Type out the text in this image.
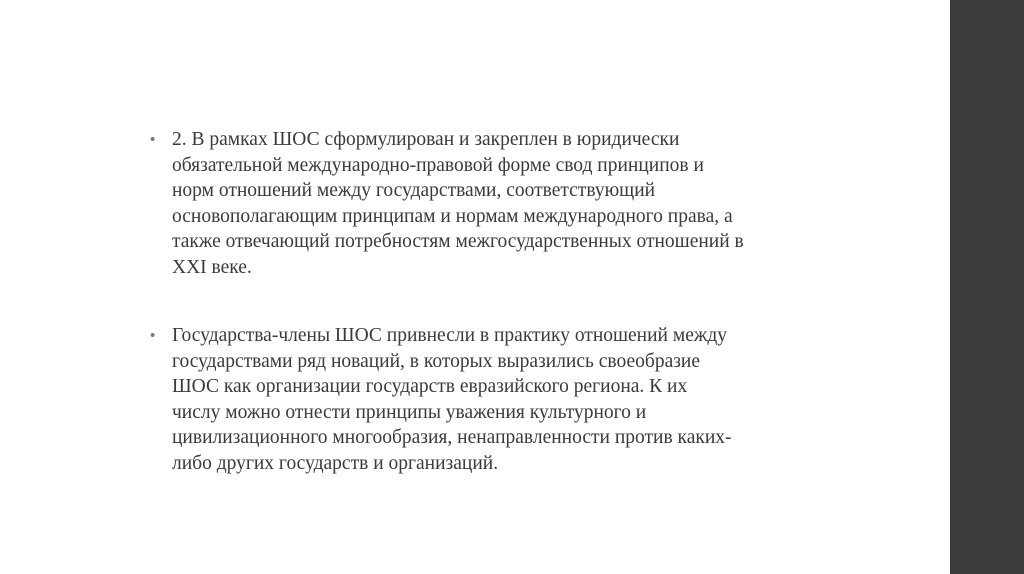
• 2. В рамках ШОС сформулирован и закреплен в юридически
обязательной международно-правовой форме свод принципов и
норм отношений между государствами, соответствующий
основополагающим принципам и нормам международного права, а
также отвечающий потребностям межгосударственных отношений в
XXI веке.
• Государства-члены ШОС привнесли в практику отношений между
государствами ряд новаций, в которых выразились своеобразие
ШОС как организации государств евразийского региона. К их
числу можно отнести принципы уважения культурного и
цивилизационного многообразия, ненаправленности против каких-
либо других государств и организаций.
